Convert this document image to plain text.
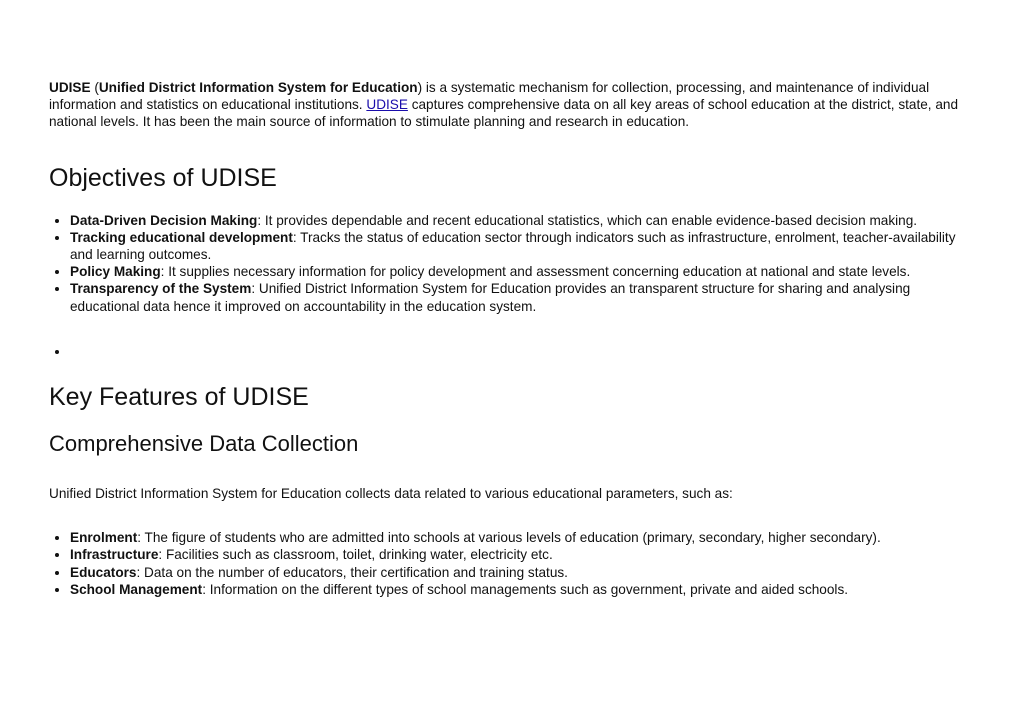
UDISE (Unified District Information System for Education) is a systematic mechanism for collection, processing, and maintenance of individual information and statistics on educational institutions. UDISE captures comprehensive data on all key areas of school education at the district, state, and national levels. It has been the main source of information to stimulate planning and research in education.

Objectives of UDISE
• Data-Driven Decision Making: It provides dependable and recent educational statistics, which can enable evidence-based decision making.
• Tracking educational development: Tracks the status of education sector through indicators such as infrastructure, enrolment, teacher-availability and learning outcomes.
• Policy Making: It supplies necessary information for policy development and assessment concerning education at national and state levels.
• Transparency of the System: Unified District Information System for Education provides an transparent structure for sharing and analysing educational data hence it improved on accountability in the education system.
•
Key Features of UDISE
Comprehensive Data Collection

Unified District Information System for Education collects data related to various educational parameters, such as:

• Enrolment: The figure of students who are admitted into schools at various levels of education (primary, secondary, higher secondary).
• Infrastructure: Facilities such as classroom, toilet, drinking water, electricity etc.
• Educators: Data on the number of educators, their certification and training status.
• School Management: Information on the different types of school managements such as government, private and aided schools.
